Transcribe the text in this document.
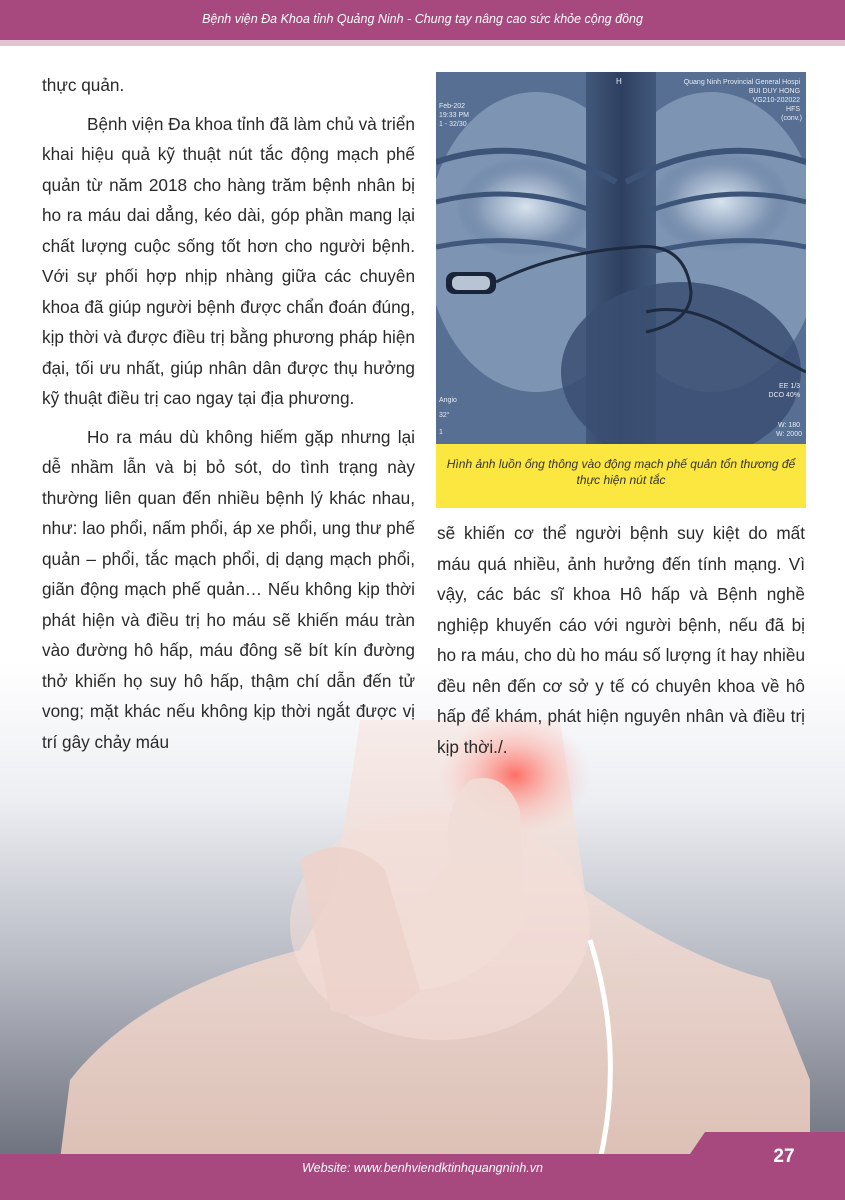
Bệnh viện Đa Khoa tỉnh Quảng Ninh - Chung tay nâng cao sức khỏe cộng đồng

thực quản.

Bệnh viện Đa khoa tỉnh đã làm chủ và triển khai hiệu quả kỹ thuật nút tắc động mạch phế quản từ năm 2018 cho hàng trăm bệnh nhân bị ho ra máu dai dẳng, kéo dài, góp phần mang lại chất lượng cuộc sống tốt hơn cho người bệnh. Với sự phối hợp nhịp nhàng giữa các chuyên khoa đã giúp người bệnh được chẩn đoán đúng, kịp thời và được điều trị bằng phương pháp hiện đại, tối ưu nhất, giúp nhân dân được thụ hưởng kỹ thuật điều trị cao ngay tại địa phương.

Ho ra máu dù không hiếm gặp nhưng lại dễ nhầm lẫn và bị bỏ sót, do tình trạng này thường liên quan đến nhiều bệnh lý khác nhau, như: lao phổi, nấm phổi, áp xe phổi, ung thư phế quản – phổi, tắc mạch phổi, dị dạng mạch phổi, giãn động mạch phế quản… Nếu không kịp thời phát hiện và điều trị ho máu sẽ khiến máu tràn vào đường hô hấp, máu đông sẽ bít kín đường thở khiến họ suy hô hấp, thậm chí dẫn đến tử vong; mặt khác nếu không kịp thời ngắt được vị trí gây chảy máu

H	Quang Ninh Provincial General Hospi BUI DUY HONG VG210-202022 HFS (conv.)
Feb-202 19:33 PM 1 - 32/30
Angio 32° 1
EE 1/3 DCO 40% W: 180 W: 2000
Hình ảnh luồn ống thông vào động mạch phế quản tổn thương để thực hiện nút tắc

sẽ khiến cơ thể người bệnh suy kiệt do mất máu quá nhiều, ảnh hưởng đến tính mạng. Vì vậy, các bác sĩ khoa Hô hấp và Bệnh nghề nghiệp khuyến cáo với người bệnh, nếu đã bị ho ra máu, cho dù ho máu số lượng ít hay nhiều đều nên đến cơ sở y tế có chuyên khoa về hô hấp để khám, phát hiện nguyên nhân và điều trị kịp thời./.

Website: www.benhviendktinhquangninh.vn
27
